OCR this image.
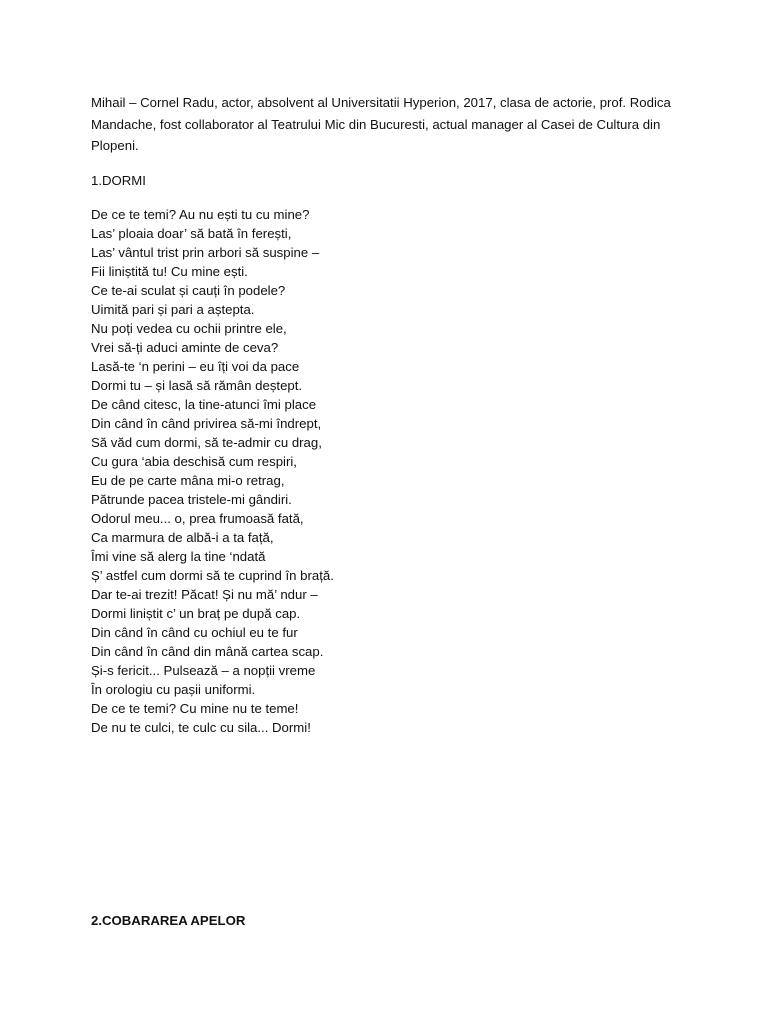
Mihail – Cornel Radu, actor, absolvent al Universitatii Hyperion, 2017, clasa de actorie, prof. Rodica Mandache, fost collaborator al Teatrului Mic din Bucuresti, actual manager al Casei de Cultura din Plopeni.

1.DORMI

De ce te temi? Au nu ești tu cu mine?
Las’ ploaia doar’ să bată în ferești,
Las’ vântul trist prin arbori să suspine –
Fii liniștită tu! Cu mine ești.
Ce te-ai sculat și cauți în podele?
Uimită pari și pari a aștepta.
Nu poți vedea cu ochii printre ele,
Vrei să-ți aduci aminte de ceva?
Lasă-te ‘n perini – eu îți voi da pace
Dormi tu – și lasă să rămân deștept.
De când citesc, la tine-atunci îmi place
Din când în când privirea să-mi îndrept,
Să văd cum dormi, să te-admir cu drag,
Cu gura ‘abia deschisă cum respiri,
Eu de pe carte mâna mi-o retrag,
Pătrunde pacea tristele-mi gândiri.
Odorul meu... o, prea frumoasă fată,
Ca marmura de albă-i a ta față,
Îmi vine să alerg la tine ‘ndată
Ș’ astfel cum dormi să te cuprind în brață.
Dar te-ai trezit! Păcat! Și nu mă’ ndur –
Dormi liniștit c’ un braț pe după cap.
Din când în când cu ochiul eu te fur
Din când în când din mână cartea scap.
Și-s fericit... Pulsează – a nopții vreme
În orologiu cu pașii uniformi.
De ce te temi? Cu mine nu te teme!
De nu te culci, te culc cu sila... Dormi!

2.COBARAREA APELOR
